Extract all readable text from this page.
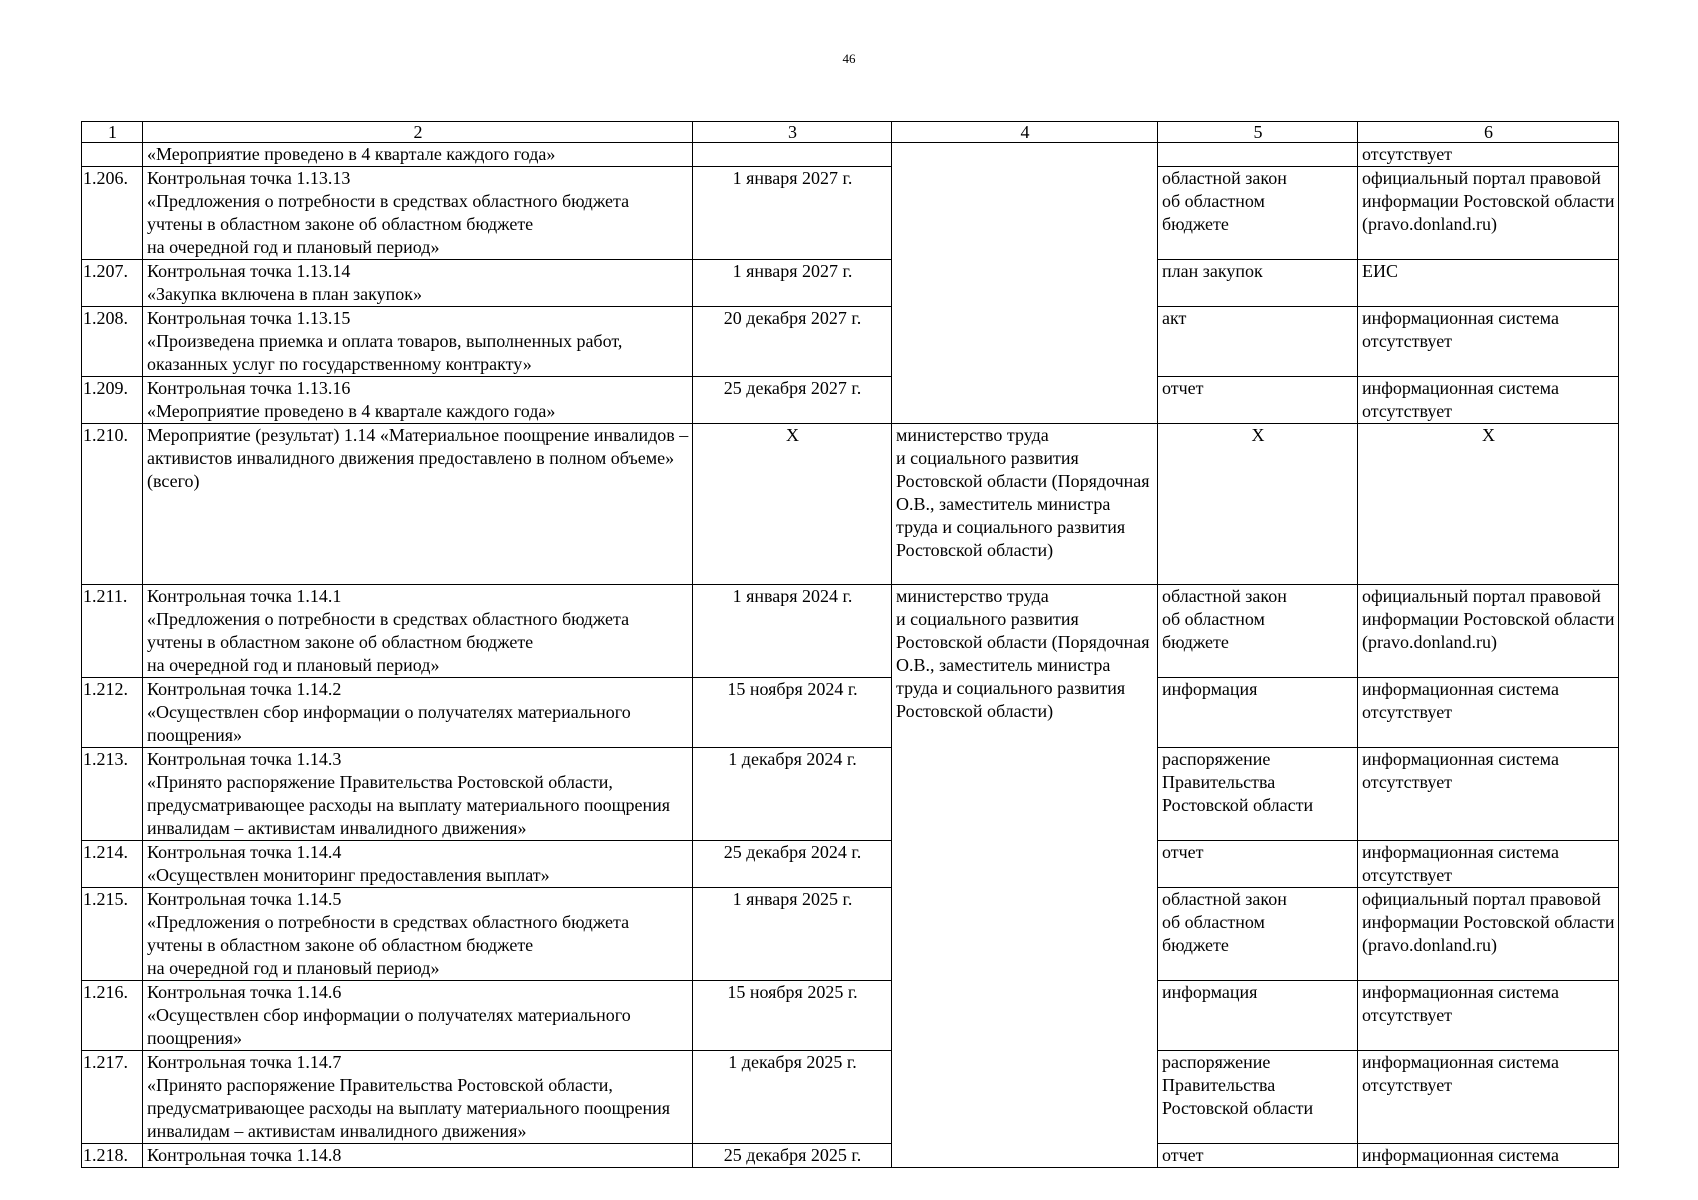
46
1	2	3	4	5	6
	«Мероприятие проведено в 4 квартале каждого года»				отсутствует
1.206.	Контрольная точка 1.13.13
«Предложения о потребности в средствах областного бюджета учтены в областном законе об областном бюджете
на очередной год и плановый период»	1 января 2027 г.		областной закон
об областном
бюджете	официальный портал правовой информации Ростовской области (pravo.donland.ru)
1.207.	Контрольная точка 1.13.14
«Закупка включена в план закупок»	1 января 2027 г.		план закупок	ЕИС
1.208.	Контрольная точка 1.13.15
«Произведена приемка и оплата товаров, выполненных работ, оказанных услуг по государственному контракту»	20 декабря 2027 г.		акт	информационная система отсутствует
1.209.	Контрольная точка 1.13.16
«Мероприятие проведено в 4 квартале каждого года»	25 декабря 2027 г.		отчет	информационная система отсутствует
1.210.	Мероприятие (результат) 1.14 «Материальное поощрение инвалидов – активистов инвалидного движения предоставлено в полном объеме» (всего)	Х	министерство труда
и социального развития Ростовской области (Порядочная О.В., заместитель министра труда и социального развития Ростовской области)	Х	Х
1.211.	Контрольная точка 1.14.1
«Предложения о потребности в средствах областного бюджета учтены в областном законе об областном бюджете
на очередной год и плановый период»	1 января 2024 г.	министерство труда
и социального развития Ростовской области (Порядочная О.В., заместитель министра труда и социального развития Ростовской области)	областной закон
об областном
бюджете	официальный портал правовой информации Ростовской области (pravo.donland.ru)
1.212.	Контрольная точка 1.14.2
«Осуществлен сбор информации о получателях материального поощрения»	15 ноября 2024 г.		информация	информационная система отсутствует
1.213.	Контрольная точка 1.14.3
«Принято распоряжение Правительства Ростовской области, предусматривающее расходы на выплату материального поощрения инвалидам – активистам инвалидного движения»	1 декабря 2024 г.		распоряжение Правительства Ростовской области	информационная система отсутствует
1.214.	Контрольная точка 1.14.4
«Осуществлен мониторинг предоставления выплат»	25 декабря 2024 г.		отчет	информационная система отсутствует
1.215.	Контрольная точка 1.14.5
«Предложения о потребности в средствах областного бюджета учтены в областном законе об областном бюджете
на очередной год и плановый период»	1 января 2025 г.		областной закон
об областном
бюджете	официальный портал правовой информации Ростовской области (pravo.donland.ru)
1.216.	Контрольная точка 1.14.6
«Осуществлен сбор информации о получателях материального поощрения»	15 ноября 2025 г.		информация	информационная система отсутствует
1.217.	Контрольная точка 1.14.7
«Принято распоряжение Правительства Ростовской области, предусматривающее расходы на выплату материального поощрения инвалидам – активистам инвалидного движения»	1 декабря 2025 г.		распоряжение Правительства Ростовской области	информационная система отсутствует
1.218.	Контрольная точка 1.14.8	25 декабря 2025 г.		отчет	информационная система
